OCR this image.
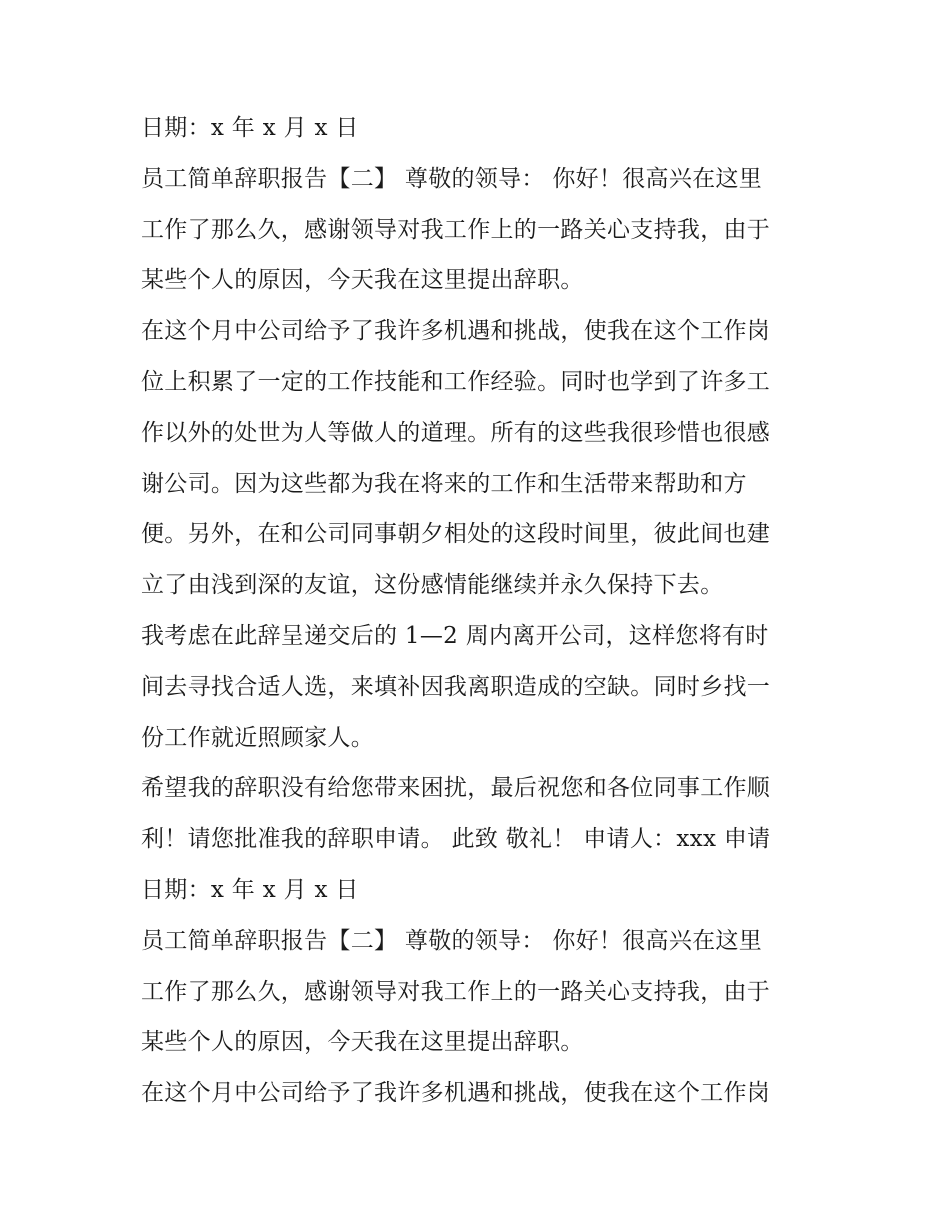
日期：x 年 x 月 x 日
员工简单辞职报告【二】 尊敬的领导： 你好！很高兴在这里
工作了那么久，感谢领导对我工作上的一路关心支持我，由于
某些个人的原因，今天我在这里提出辞职。
在这个月中公司给予了我许多机遇和挑战，使我在这个工作岗
位上积累了一定的工作技能和工作经验。同时也学到了许多工
作以外的处世为人等做人的道理。所有的这些我很珍惜也很感
谢公司。因为这些都为我在将来的工作和生活带来帮助和方
便。另外，在和公司同事朝夕相处的这段时间里，彼此间也建
立了由浅到深的友谊，这份感情能继续并永久保持下去。
我考虑在此辞呈递交后的 1—2 周内离开公司，这样您将有时
间去寻找合适人选，来填补因我离职造成的空缺。同时乡找一
份工作就近照顾家人。
希望我的辞职没有给您带来困扰，最后祝您和各位同事工作顺
利！请您批准我的辞职申请。 此致 敬礼！ 申请人：xxx 申请
日期：x 年 x 月 x 日
员工简单辞职报告【二】 尊敬的领导： 你好！很高兴在这里
工作了那么久，感谢领导对我工作上的一路关心支持我，由于
某些个人的原因，今天我在这里提出辞职。
在这个月中公司给予了我许多机遇和挑战，使我在这个工作岗
